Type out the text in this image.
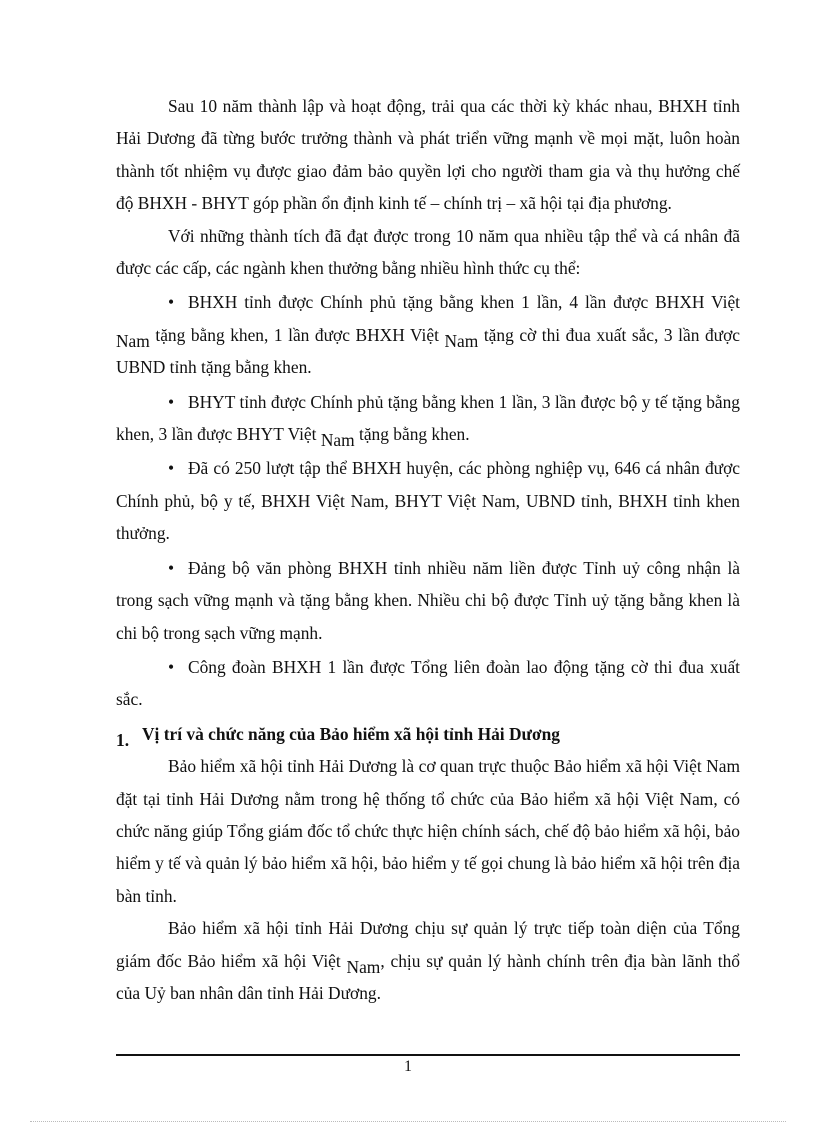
Sau 10 năm thành lập và hoạt động, trải qua các thời kỳ khác nhau, BHXH tỉnh Hải Dương đã từng bước trưởng thành và phát triển vững mạnh về mọi mặt, luôn hoàn thành tốt nhiệm vụ được giao đảm bảo quyền lợi cho người tham gia và thụ hưởng chế độ BHXH - BHYT góp phần ổn định kinh tế – chính trị – xã hội tại địa phương.

Với những thành tích đã đạt được trong 10 năm qua nhiều tập thể và cá nhân đã được các cấp, các ngành khen thưởng bằng nhiều hình thức cụ thể:

• BHXH tỉnh được Chính phủ tặng bằng khen 1 lần, 4 lần được BHXH Việt Nam tặng bằng khen, 1 lần được BHXH Việt Nam tặng cờ thi đua xuất sắc, 3 lần được UBND tỉnh tặng bằng khen.
• BHYT tỉnh được Chính phủ tặng bằng khen 1 lần, 3 lần được bộ y tế tặng bằng khen, 3 lần được BHYT Việt Nam tặng bằng khen.
• Đã có 250 lượt tập thể BHXH huyện, các phòng nghiệp vụ, 646 cá nhân được Chính phủ, bộ y tế, BHXH Việt Nam, BHYT Việt Nam, UBND tỉnh, BHXH tỉnh khen thưởng.
• Đảng bộ văn phòng BHXH tỉnh nhiều năm liền được Tỉnh uỷ công nhận là trong sạch vững mạnh và tặng bằng khen. Nhiều chi bộ được Tỉnh uỷ tặng bằng khen là chi bộ trong sạch vững mạnh.
• Công đoàn BHXH 1 lần được Tổng liên đoàn lao động tặng cờ thi đua xuất sắc.
1. Vị trí và chức năng của Bảo hiểm xã hội tỉnh Hải Dương

Bảo hiểm xã hội tỉnh Hải Dương là cơ quan trực thuộc Bảo hiểm xã hội Việt Nam đặt tại tỉnh Hải Dương nằm trong hệ thống tổ chức của Bảo hiểm xã hội Việt Nam, có chức năng giúp Tổng giám đốc tổ chức thực hiện chính sách, chế độ bảo hiểm xã hội, bảo hiểm y tế và quản lý bảo hiểm xã hội, bảo hiểm y tế gọi chung là bảo hiểm xã hội trên địa bàn tỉnh.

Bảo hiểm xã hội tỉnh Hải Dương chịu sự quản lý trực tiếp toàn diện của Tổng giám đốc Bảo hiểm xã hội Việt Nam, chịu sự quản lý hành chính trên địa bàn lãnh thổ của Uỷ ban nhân dân tỉnh Hải Dương.

1
